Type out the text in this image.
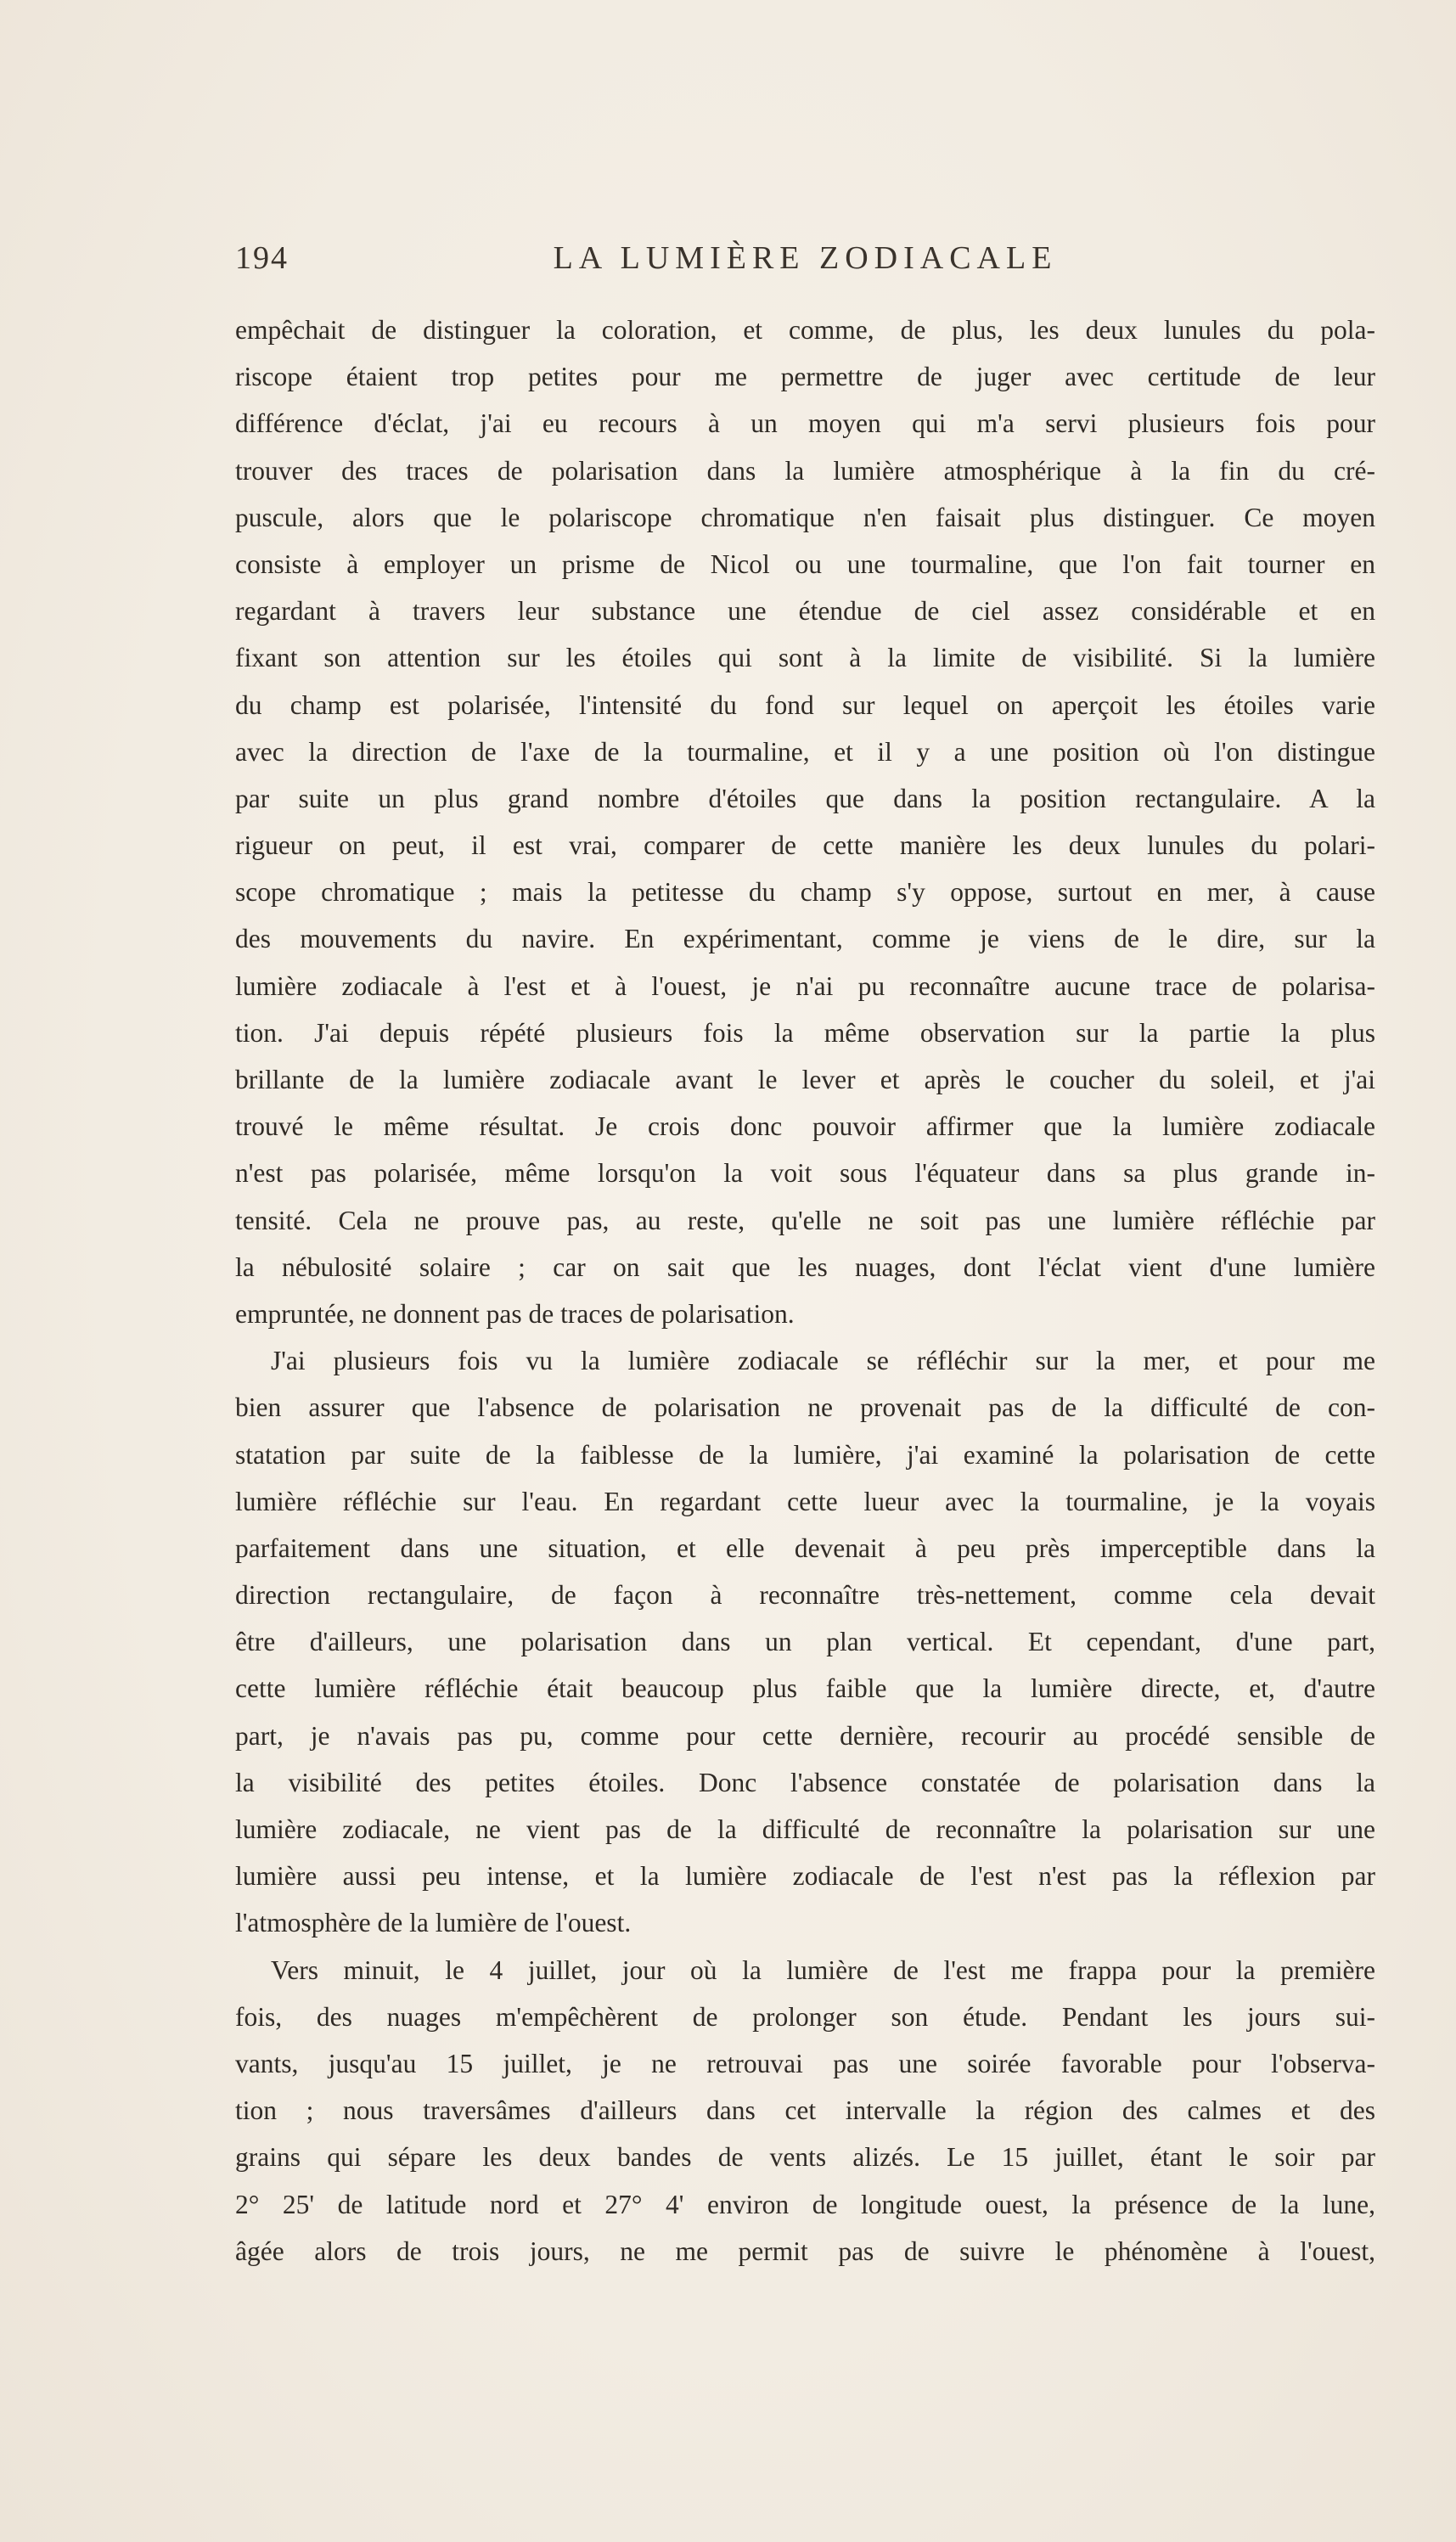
194	LA LUMIÈRE ZODIACALE
empêchait de distinguer la coloration, et comme, de plus, les deux lunules du pola-
riscope étaient trop petites pour me permettre de juger avec certitude de leur
différence d'éclat, j'ai eu recours à un moyen qui m'a servi plusieurs fois pour
trouver des traces de polarisation dans la lumière atmosphérique à la fin du cré-
puscule, alors que le polariscope chromatique n'en faisait plus distinguer. Ce moyen
consiste à employer un prisme de Nicol ou une tourmaline, que l'on fait tourner en
regardant à travers leur substance une étendue de ciel assez considérable et en
fixant son attention sur les étoiles qui sont à la limite de visibilité. Si la lumière
du champ est polarisée, l'intensité du fond sur lequel on aperçoit les étoiles varie
avec la direction de l'axe de la tourmaline, et il y a une position où l'on distingue
par suite un plus grand nombre d'étoiles que dans la position rectangulaire. A la
rigueur on peut, il est vrai, comparer de cette manière les deux lunules du polari-
scope chromatique ; mais la petitesse du champ s'y oppose, surtout en mer, à cause
des mouvements du navire. En expérimentant, comme je viens de le dire, sur la
lumière zodiacale à l'est et à l'ouest, je n'ai pu reconnaître aucune trace de polarisa-
tion. J'ai depuis répété plusieurs fois la même observation sur la partie la plus
brillante de la lumière zodiacale avant le lever et après le coucher du soleil, et j'ai
trouvé le même résultat. Je crois donc pouvoir affirmer que la lumière zodiacale
n'est pas polarisée, même lorsqu'on la voit sous l'équateur dans sa plus grande in-
tensité. Cela ne prouve pas, au reste, qu'elle ne soit pas une lumière réfléchie par
la nébulosité solaire ; car on sait que les nuages, dont l'éclat vient d'une lumière
empruntée, ne donnent pas de traces de polarisation.
J'ai plusieurs fois vu la lumière zodiacale se réfléchir sur la mer, et pour me
bien assurer que l'absence de polarisation ne provenait pas de la difficulté de con-
statation par suite de la faiblesse de la lumière, j'ai examiné la polarisation de cette
lumière réfléchie sur l'eau. En regardant cette lueur avec la tourmaline, je la voyais
parfaitement dans une situation, et elle devenait à peu près imperceptible dans la
direction rectangulaire, de façon à reconnaître très-nettement, comme cela devait
être d'ailleurs, une polarisation dans un plan vertical. Et cependant, d'une part,
cette lumière réfléchie était beaucoup plus faible que la lumière directe, et, d'autre
part, je n'avais pas pu, comme pour cette dernière, recourir au procédé sensible de
la visibilité des petites étoiles. Donc l'absence constatée de polarisation dans la
lumière zodiacale, ne vient pas de la difficulté de reconnaître la polarisation sur une
lumière aussi peu intense, et la lumière zodiacale de l'est n'est pas la réflexion par
l'atmosphère de la lumière de l'ouest.
Vers minuit, le 4 juillet, jour où la lumière de l'est me frappa pour la première
fois, des nuages m'empêchèrent de prolonger son étude. Pendant les jours sui-
vants, jusqu'au 15 juillet, je ne retrouvai pas une soirée favorable pour l'observa-
tion ; nous traversâmes d'ailleurs dans cet intervalle la région des calmes et des
grains qui sépare les deux bandes de vents alizés. Le 15 juillet, étant le soir par
2° 25' de latitude nord et 27° 4' environ de longitude ouest, la présence de la lune,
âgée alors de trois jours, ne me permit pas de suivre le phénomène à l'ouest,
